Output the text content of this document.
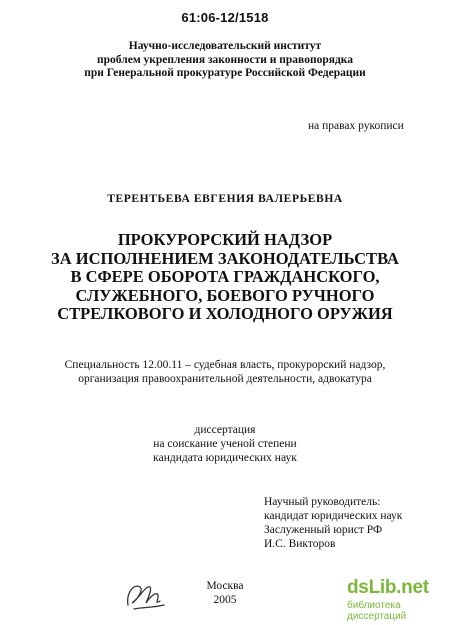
61:06-12/1518
Научно-исследовательский институт
проблем укрепления законности и правопорядка
при Генеральной прокуратуре Российской Федерации
на правах рукописи
ТЕРЕНТЬЕВА ЕВГЕНИЯ ВАЛЕРЬЕВНА
ПРОКУРОРСКИЙ НАДЗОР
ЗА ИСПОЛНЕНИЕМ ЗАКОНОДАТЕЛЬСТВА
В СФЕРЕ ОБОРОТА ГРАЖДАНСКОГО,
СЛУЖЕБНОГО, БОЕВОГО РУЧНОГО
СТРЕЛКОВОГО И ХОЛОДНОГО ОРУЖИЯ
Специальность 12.00.11 – судебная власть, прокурорский надзор,
организация правоохранительной деятельности, адвокатура
диссертация
на соискание ученой степени
кандидата юридических наук
Научный руководитель:
кандидат юридических наук
Заслуженный юрист РФ
И.С. Викторов
Москва
2005
dsLib.net
библиотека диссертаций
